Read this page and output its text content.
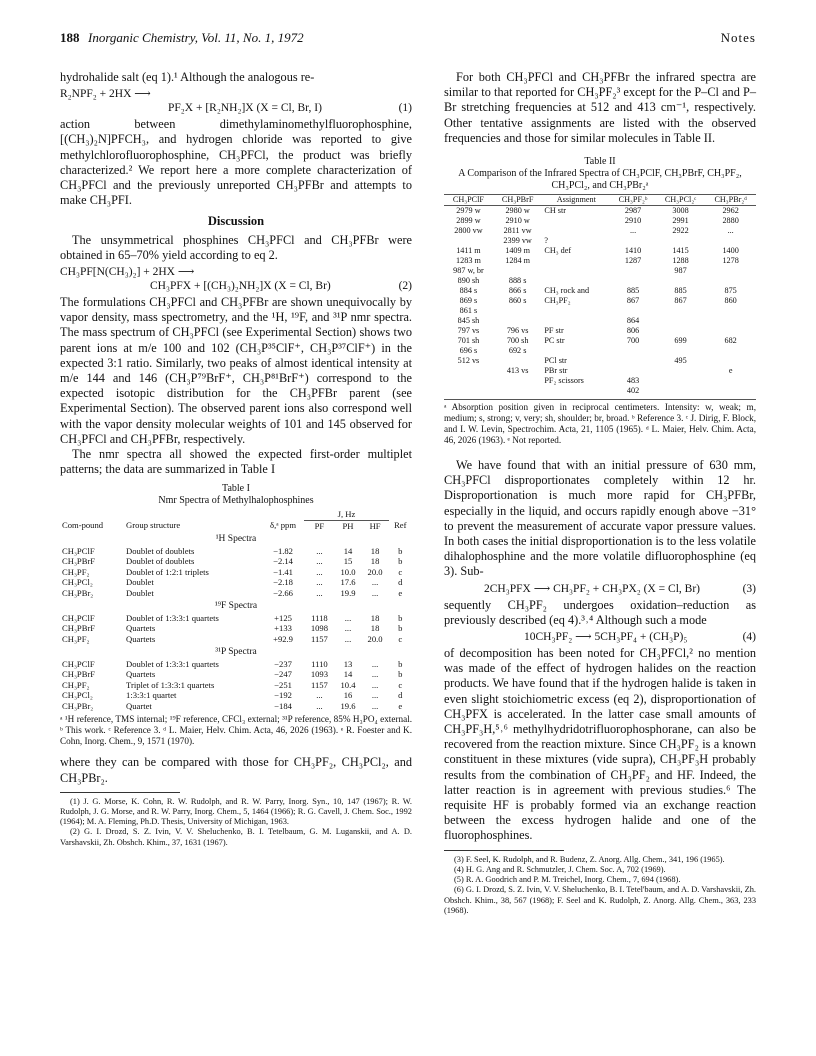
188 Inorganic Chemistry, Vol. 11, No. 1, 1972	Notes

hydrohalide salt (eq 1).¹ Although the analogous re-

R₂NPF₂ + 2HX ⟶
PF₂X + [R₂NH₂]X (X = Cl, Br, I)	(1)

action between dimethylaminomethylfluorophosphine, [(CH₃)₂N]PFCH₃, and hydrogen chloride was reported to give methylchlorofluorophosphine, CH₃PFCl, the product was briefly characterized.² We report here a more complete characterization of CH₃PFCl and the previously unreported CH₃PFBr and attempts to make CH₃PFI.

Discussion

The unsymmetrical phosphines CH₃PFCl and CH₃PFBr were obtained in 65–70% yield according to eq 2.

CH₃PF[N(CH₃)₂] + 2HX ⟶
CH₃PFX + [(CH₃)₂NH₂]X (X = Cl, Br)	(2)

The formulations CH₃PFCl and CH₃PFBr are shown unequivocally by vapor density, mass spectrometry, and the ¹H, ¹⁹F, and ³¹P nmr spectra. The mass spectrum of CH₃PFCl (see Experimental Section) shows two parent ions at m/e 100 and 102 (CH₃P³⁵ClF⁺, CH₃P³⁷ClF⁺) in the expected 3:1 ratio. Similarly, two peaks of almost identical intensity at m/e 144 and 146 (CH₃P⁷⁹BrF⁺, CH₃P⁸¹BrF⁺) correspond to the expected isotopic distribution for the CH₃PFBr parent (see Experimental Section). The observed parent ions also correspond well with the vapor density molecular weights of 101 and 145 observed for CH₃PFCl and CH₃PFBr, respectively.

The nmr spectra all showed the expected first-order multiplet patterns; the data are summarized in Table I

Table I
Nmr Spectra of Methylhalophosphines
			J, Hz			
Com-pound	Group structure	δ,ᵃ ppm	PF	PH	HF	Ref
¹H Spectra						
CH₃PClF	Doublet of doublets	−1.82	...	14	18	b
CH₃PBrF	Doublet of doublets	−2.14	...	15	18	b
CH₃PF₂	Doublet of 1:2:1 triplets	−1.41	...	10.0	20.0	c
CH₃PCl₂	Doublet	−2.18	...	17.6	...	d
CH₃PBr₂	Doublet	−2.66	...	19.9	...	e
¹⁹F Spectra						
CH₃PClF	Doublet of 1:3:3:1 quartets	+125	1118	...	18	b
CH₃PBrF	Quartets	+133	1098	...	18	b
CH₃PF₂	Quartets	+92.9	1157	...	20.0	c
³¹P Spectra						
CH₃PClF	Doublet of 1:3:3:1 quartets	−237	1110	13	...	b
CH₃PBrF	Quartets	−247	1093	14	...	b
CH₃PF₂	Triplet of 1:3:3:1 quartets	−251	1157	10.4	...	c
CH₃PCl₂	1:3:3:1 quartet	−192	...	16	...	d
CH₃PBr₂	Quartet	−184	...	19.6	...	e
ᵃ ¹H reference, TMS internal; ¹⁹F reference, CFCl₃ external; ³¹P reference, 85% H₃PO₄ external. ᵇ This work. ᶜ Reference 3. ᵈ L. Maier, Helv. Chim. Acta, 46, 2026 (1963). ᵉ R. Foester and K. Cohn, Inorg. Chem., 9, 1571 (1970).

where they can be compared with those for CH₃PF₂, CH₃PCl₂, and CH₃PBr₂.

(1) J. G. Morse, K. Cohn, R. W. Rudolph, and R. W. Parry, Inorg. Syn., 10, 147 (1967); R. W. Rudolph, J. G. Morse, and R. W. Parry, Inorg. Chem., 5, 1464 (1966); R. G. Cavell, J. Chem. Soc., 1992 (1964); M. A. Fleming, Ph.D. Thesis, University of Michigan, 1963.
(2) G. I. Drozd, S. Z. Ivin, V. V. Sheluchenko, B. I. Tetelbaum, G. M. Luganskii, and A. D. Varshavskii, Zh. Obshch. Khim., 37, 1631 (1967).

For both CH₃PFCl and CH₃PFBr the infrared spectra are similar to that reported for CH₃PF₂³ except for the P–Cl and P–Br stretching frequencies at 512 and 413 cm⁻¹, respectively. Other tentative assignments are listed with the observed frequencies and those for similar molecules in Table II.

Table II
A Comparison of the Infrared Spectra of CH₃PClF, CH₃PBrF, CH₃PF₂, CH₃PCl₂, and CH₃PBr₂ᵃ
CH₃PClF	CH₃PBrF	Assignment	CH₃PF₂ᵇ	CH₃PCl₂ᶜ	CH₃PBr₂ᵈ
2979 w	2980 w	CH str	2987	3008	2962
2899 w	2910 w		2910	2991	2880
2800 vw	2811 vw		...	2922	...
	2399 vw	?			
1411 m	1409 m	CH₃ def	1410	1415	1400
1283 m	1284 m		1287	1288	1278
987 w, br				987	
890 sh	888 s				
884 s	866 s	CH₃ rock and	885	885	875
869 s	860 s	CH₃PF₂	867	867	860
861 s					
845 sh			864		
797 vs	796 vs	PF str	806		
701 sh	700 sh	PC str	700	699	682
696 s	692 s				
512 vs		PCl str		495	
	413 vs	PBr str			e
		PF₂ scissors	483		
			402		
ᵃ Absorption position given in reciprocal centimeters. Intensity: w, weak; m, medium; s, strong; v, very; sh, shoulder; br, broad. ᵇ Reference 3. ᶜ J. Dirig, F. Block, and I. W. Levin, Spectrochim. Acta, 21, 1105 (1965). ᵈ L. Maier, Helv. Chim. Acta, 46, 2026 (1963). ᵉ Not reported.

We have found that with an initial pressure of 630 mm, CH₃PFCl disproportionates completely within 12 hr. Disproportionation is much more rapid for CH₃PFBr, especially in the liquid, and occurs rapidly enough above −31° to prevent the measurement of accurate vapor pressure values. In both cases the initial disproportionation is to the less volatile dihalophosphine and the more volatile difluorophosphine (eq 3). Sub-

2CH₃PFX ⟶ CH₃PF₂ + CH₃PX₂ (X = Cl, Br)	(3)

sequently CH₃PF₂ undergoes oxidation–reduction as previously described (eq 4).³˒⁴ Although such a mode

10CH₃PF₂ ⟶ 5CH₃PF₄ + (CH₃P)₅	(4)

of decomposition has been noted for CH₃PFCl,² no mention was made of the effect of hydrogen halides on the reaction products. We have found that if the hydrogen halide is taken in even slight stoichiometric excess (eq 2), disproportionation of CH₃PFX is accelerated. In the latter case small amounts of CH₃PF₃H,⁵˒⁶ methylhydridotrifluorophosphorane, can also be recovered from the reaction mixture. Since CH₃PF₂ is a known constituent in these mixtures (vide supra), CH₃PF₃H probably results from the combination of CH₃PF₂ and HF. Indeed, the latter reaction is in agreement with previous studies.⁶ The requisite HF is probably formed via an exchange reaction between the excess hydrogen halide and one of the fluorophosphines.

(3) F. Seel, K. Rudolph, and R. Budenz, Z. Anorg. Allg. Chem., 341, 196 (1965).
(4) H. G. Ang and R. Schmutzler, J. Chem. Soc. A, 702 (1969).
(5) R. A. Goodrich and P. M. Treichel, Inorg. Chem., 7, 694 (1968).
(6) G. I. Drozd, S. Z. Ivin, V. V. Sheluchenko, B. I. Tetel'baum, and A. D. Varshavskii, Zh. Obshch. Khim., 38, 567 (1968); F. Seel and K. Rudolph, Z. Anorg. Allg. Chem., 363, 233 (1968).
